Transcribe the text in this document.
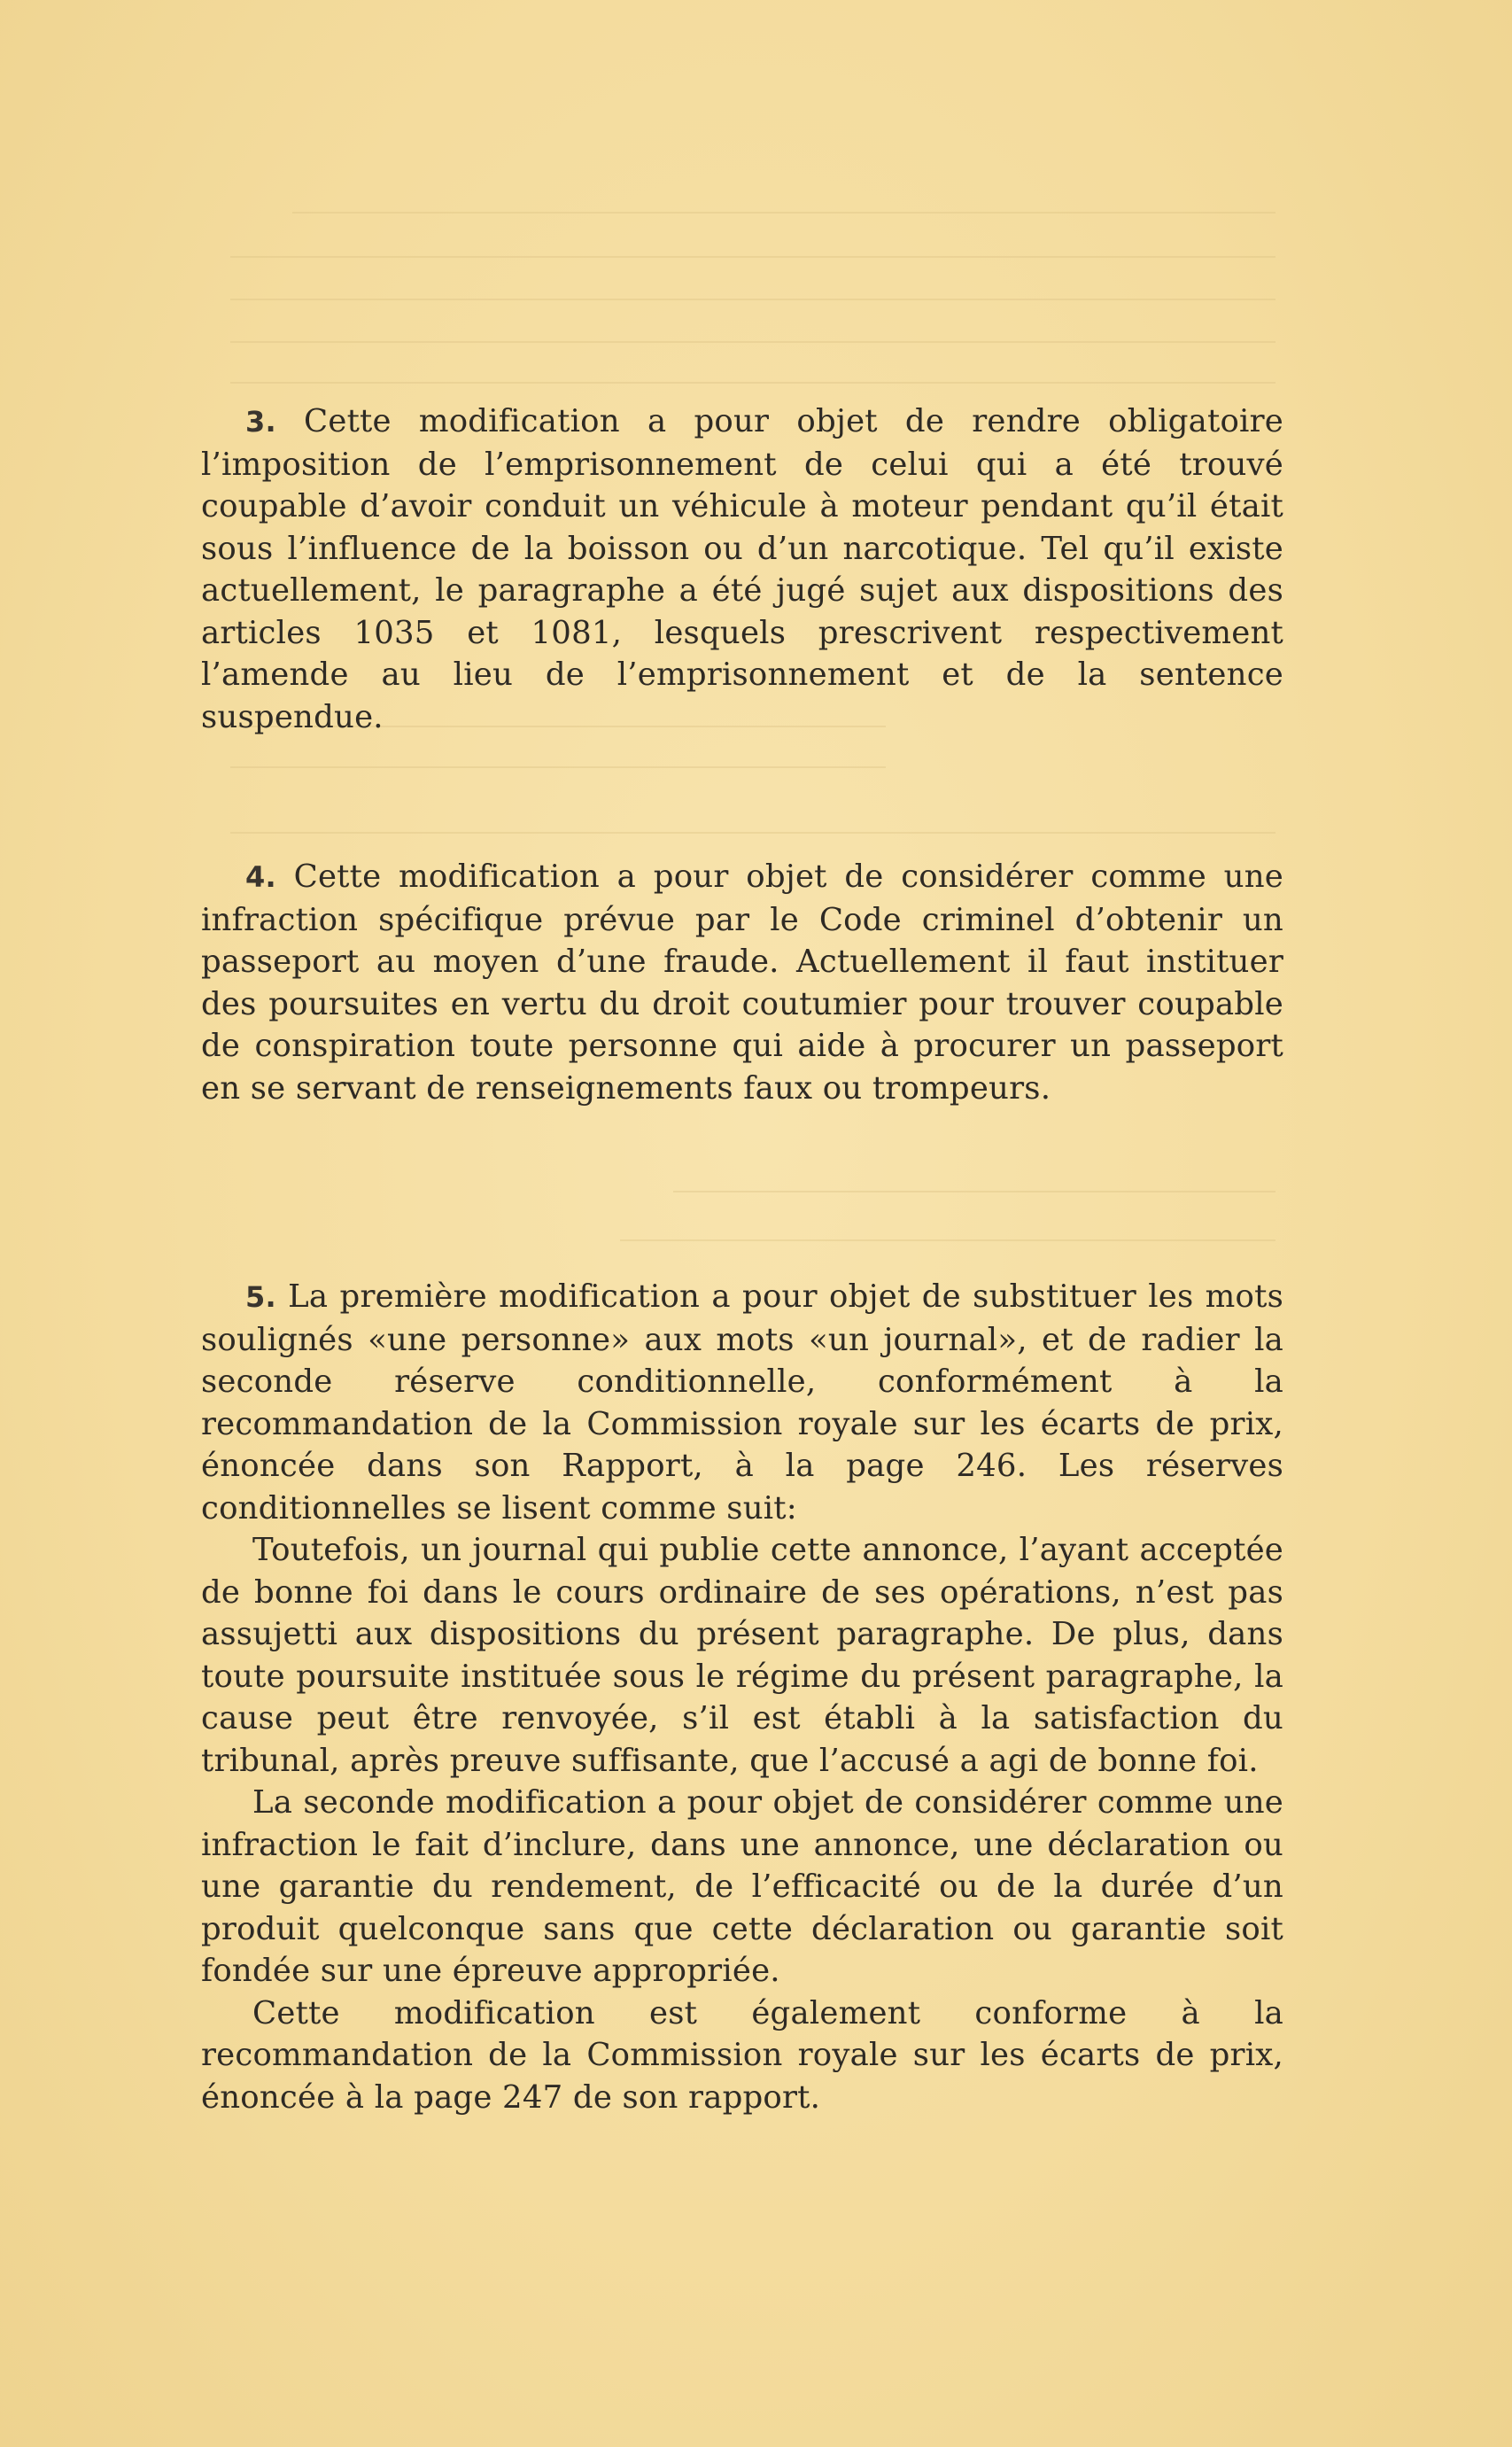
3. Cette modification a pour objet de rendre obligatoire l’imposition de l’emprisonnement de celui qui a été trouvé coupable d’avoir conduit un véhicule à moteur pendant qu’il était sous l’influence de la boisson ou d’un narcotique. Tel qu’il existe actuellement, le paragraphe a été jugé sujet aux dispositions des articles 1035 et 1081, lesquels prescrivent respectivement l’amende au lieu de l’emprisonnement et de la sentence suspendue.

4. Cette modification a pour objet de considérer comme une infraction spécifique prévue par le Code criminel d’obtenir un passeport au moyen d’une fraude. Actuellement il faut instituer des poursuites en vertu du droit coutumier pour trouver coupable de conspiration toute personne qui aide à procurer un passeport en se servant de renseignements faux ou trompeurs.

5. La première modification a pour objet de substituer les mots soulignés «une personne» aux mots «un journal», et de radier la seconde réserve conditionnelle, conformément à la recommandation de la Commission royale sur les écarts de prix, énoncée dans son Rapport, à la page 246. Les réserves conditionnelles se lisent comme suit:

Toutefois, un journal qui publie cette annonce, l’ayant acceptée de bonne foi dans le cours ordinaire de ses opérations, n’est pas assujetti aux dispositions du présent paragraphe. De plus, dans toute poursuite instituée sous le régime du présent paragraphe, la cause peut être renvoyée, s’il est établi à la satisfaction du tribunal, après preuve suffisante, que l’accusé a agi de bonne foi.

La seconde modification a pour objet de considérer comme une infraction le fait d’inclure, dans une annonce, une déclaration ou une garantie du rendement, de l’efficacité ou de la durée d’un produit quelconque sans que cette déclaration ou garantie soit fondée sur une épreuve appropriée.

Cette modification est également conforme à la recommandation de la Commission royale sur les écarts de prix, énoncée à la page 247 de son rapport.
